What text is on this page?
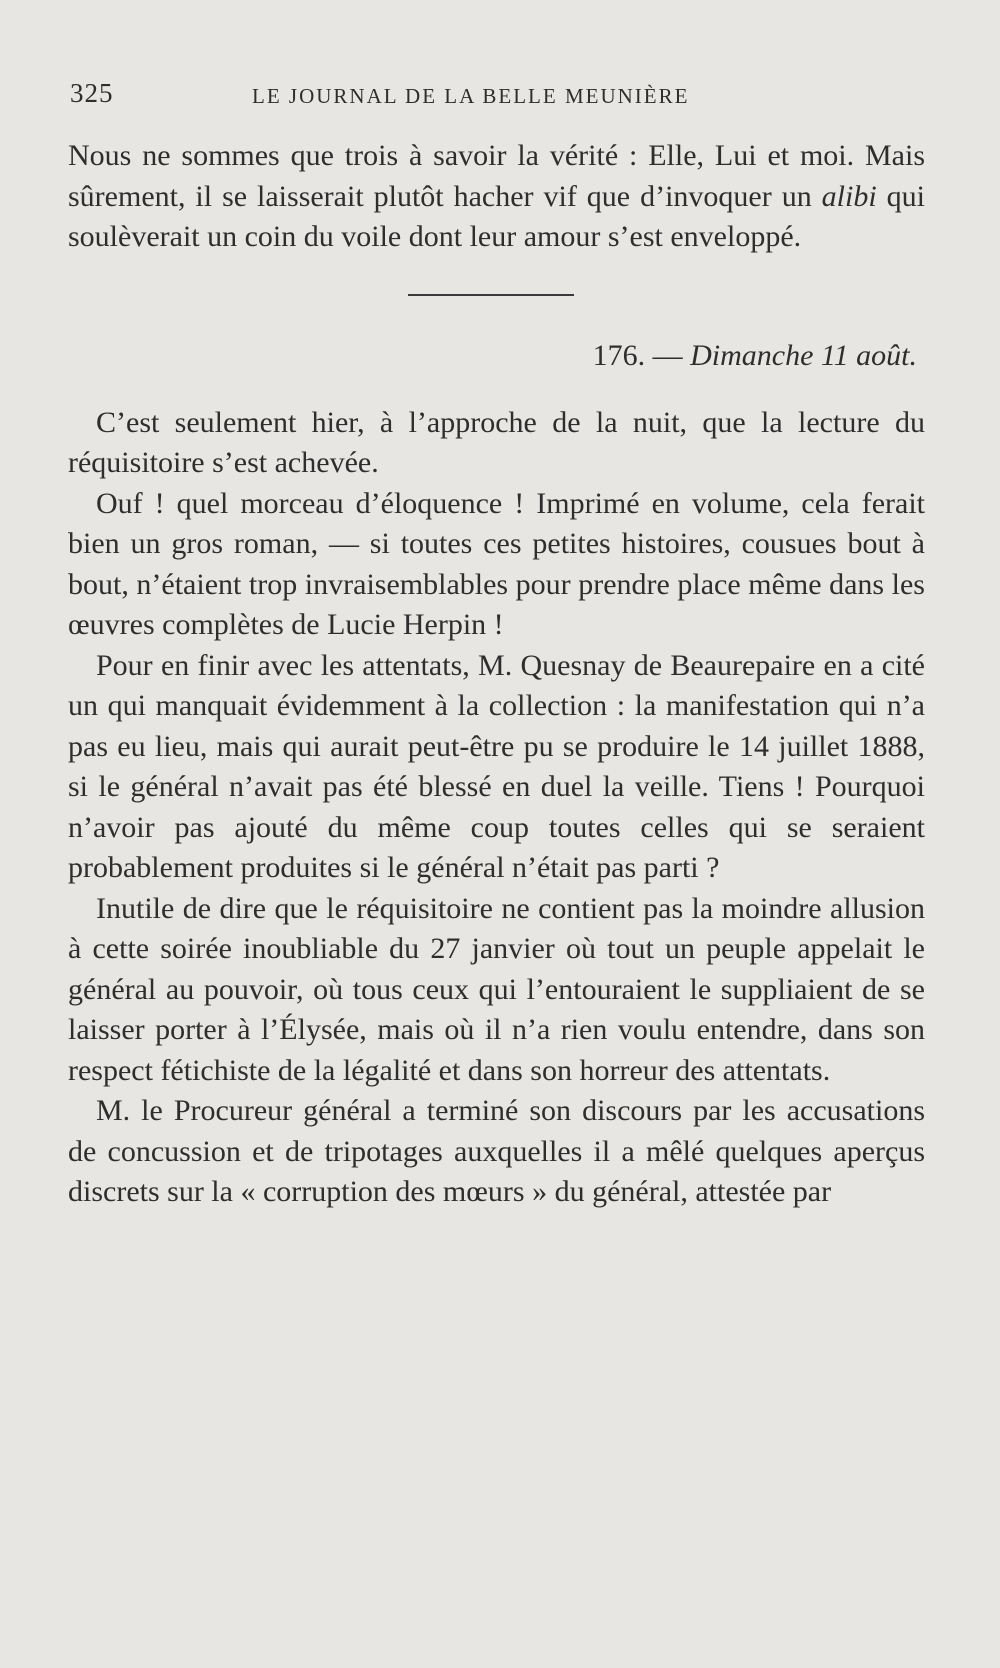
325	LE JOURNAL DE LA BELLE MEUNIÈRE

Nous ne sommes que trois à savoir la vérité : Elle, Lui et moi. Mais sûrement, il se laisserait plutôt hacher vif que d’invoquer un alibi qui soulèverait un coin du voile dont leur amour s’est enveloppé.

176. — Dimanche 11 août.

C’est seulement hier, à l’approche de la nuit, que la lecture du réquisitoire s’est achevée.

Ouf ! quel morceau d’éloquence ! Imprimé en volume, cela ferait bien un gros roman, — si toutes ces petites histoires, cousues bout à bout, n’étaient trop invraisemblables pour prendre place même dans les œuvres complètes de Lucie Herpin !

Pour en finir avec les attentats, M. Quesnay de Beaurepaire en a cité un qui manquait évidemment à la collection : la manifestation qui n’a pas eu lieu, mais qui aurait peut-être pu se produire le 14 juillet 1888, si le général n’avait pas été blessé en duel la veille. Tiens ! Pourquoi n’avoir pas ajouté du même coup toutes celles qui se seraient probablement produites si le général n’était pas parti ?

Inutile de dire que le réquisitoire ne contient pas la moindre allusion à cette soirée inoubliable du 27 janvier où tout un peuple appelait le général au pouvoir, où tous ceux qui l’entouraient le suppliaient de se laisser porter à l’Élysée, mais où il n’a rien voulu entendre, dans son respect fétichiste de la légalité et dans son horreur des attentats.

M. le Procureur général a terminé son discours par les accusations de concussion et de tripotages auxquelles il a mêlé quelques aperçus discrets sur la « corruption des mœurs » du général, attestée par
